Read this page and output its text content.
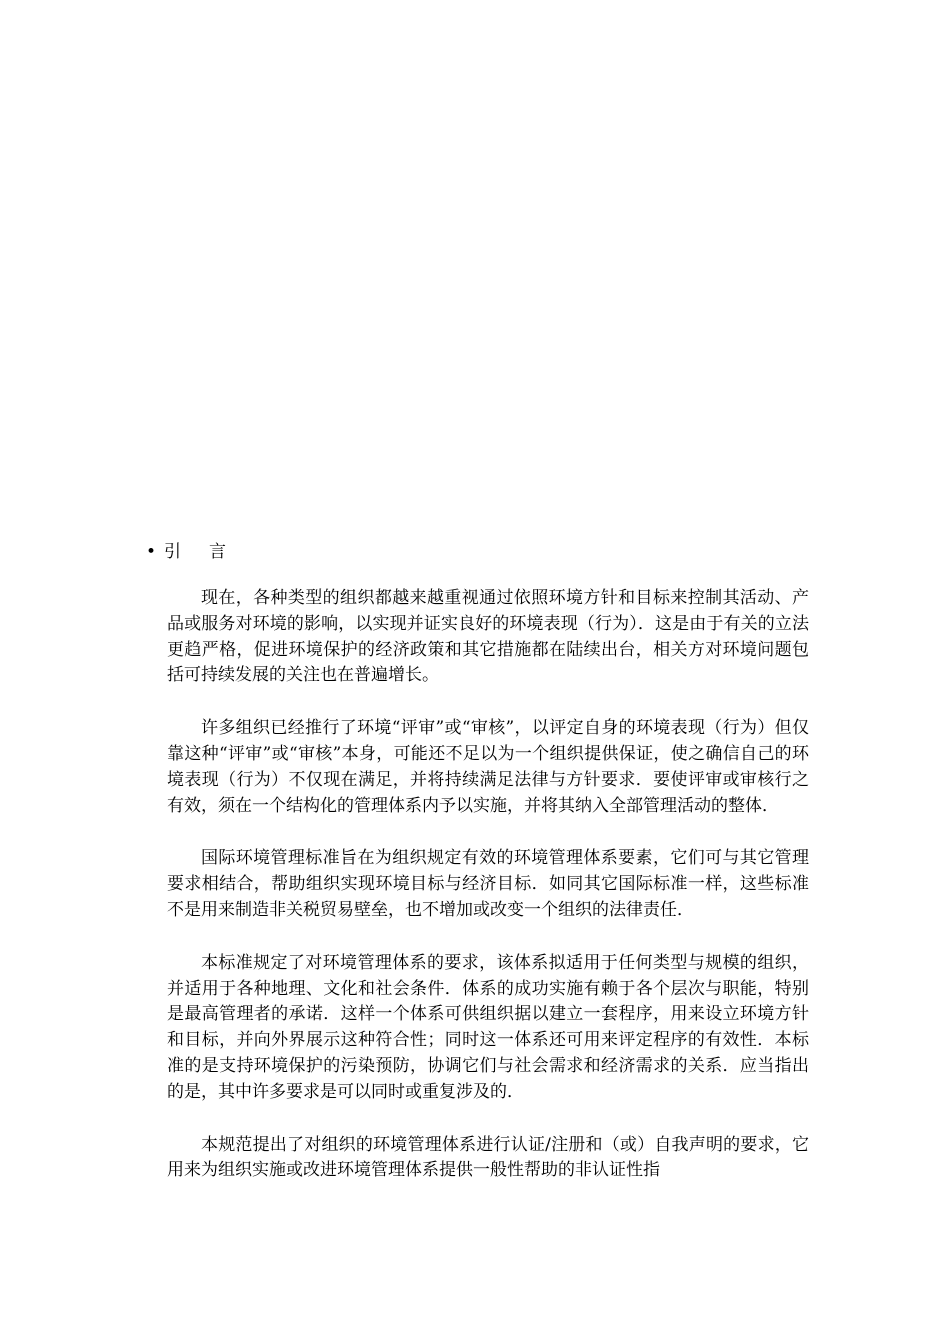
• 引言

现在，各种类型的组织都越来越重视通过依照环境方针和目标来控制其活动、产品或服务对环境的影响，以实现并证实良好的环境表现（行为）．这是由于有关的立法更趋严格，促进环境保护的经济政策和其它措施都在陆续出台，相关方对环境问题包括可持续发展的关注也在普遍增长。

许多组织已经推行了环境“评审”或“审核”，以评定自身的环境表现（行为）但仅靠这种“评审”或“审核”本身，可能还不足以为一个组织提供保证，使之确信自己的环境表现（行为）不仅现在满足，并将持续满足法律与方针要求．要使评审或审核行之有效，须在一个结构化的管理体系内予以实施，并将其纳入全部管理活动的整体．

国际环境管理标准旨在为组织规定有效的环境管理体系要素，它们可与其它管理要求相结合，帮助组织实现环境目标与经济目标．如同其它国际标准一样，这些标准不是用来制造非关税贸易壁垒，也不增加或改变一个组织的法律责任．

本标准规定了对环境管理体系的要求，该体系拟适用于任何类型与规模的组织，并适用于各种地理、文化和社会条件．体系的成功实施有赖于各个层次与职能，特别是最高管理者的承诺．这样一个体系可供组织据以建立一套程序，用来设立环境方针和目标，并向外界展示这种符合性；同时这一体系还可用来评定程序的有效性．本标准的是支持环境保护的污染预防，协调它们与社会需求和经济需求的关系．应当指出的是，其中许多要求是可以同时或重复涉及的．

本规范提出了对组织的环境管理体系进行认证/注册和（或）自我声明的要求，它用来为组织实施或改进环境管理体系提供一般性帮助的非认证性指
